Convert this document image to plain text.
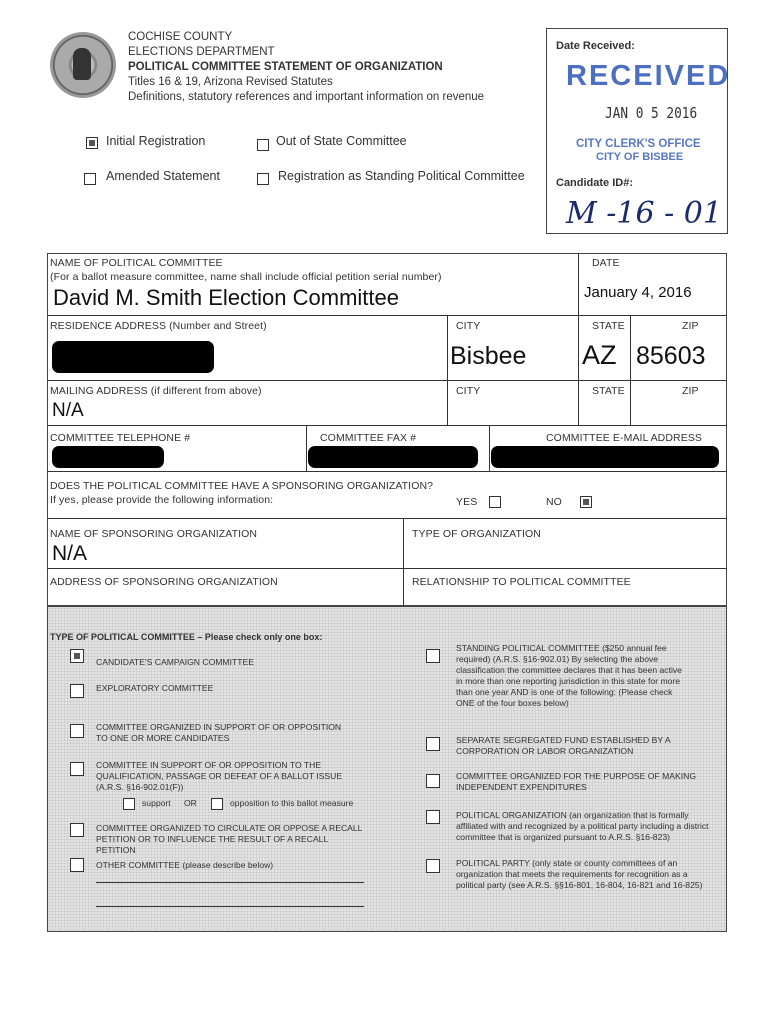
COCHISE COUNTY
ELECTIONS DEPARTMENT
POLITICAL COMMITTEE STATEMENT OF ORGANIZATION
Titles 16 & 19, Arizona Revised Statutes
Definitions, statutory references and important information on revenue
Initial Registration	Out of State Committee
Amended Statement	Registration as Standing Political Committee
Date Received:
RECEIVED
JAN 0 5 2016
CITY CLERK'S OFFICE
CITY OF BISBEE
Candidate ID#:
M -16 - 01
NAME OF POLITICAL COMMITTEE
(For a ballot measure committee, name shall include official petition serial number)
David M. Smith Election Committee
DATE
January 4, 2016
RESIDENCE ADDRESS (Number and Street)	CITY
Bisbee
STATE
AZ
ZIP
85603
MAILING ADDRESS (if different from above)
N/A
CITY	STATE	ZIP
COMMITTEE TELEPHONE #	COMMITTEE FAX #	COMMITTEE E-MAIL ADDRESS
DOES THE POLITICAL COMMITTEE HAVE A SPONSORING ORGANIZATION?
If yes, please provide the following information:	YES	NO
NAME OF SPONSORING ORGANIZATION
N/A
TYPE OF ORGANIZATION
ADDRESS OF SPONSORING ORGANIZATION	RELATIONSHIP TO POLITICAL COMMITTEE
TYPE OF POLITICAL COMMITTEE – Please check only one box:
CANDIDATE'S CAMPAIGN COMMITTEE
EXPLORATORY COMMITTEE
COMMITTEE ORGANIZED IN SUPPORT OF OR OPPOSITION TO ONE OR MORE CANDIDATES
COMMITTEE IN SUPPORT OF OR OPPOSITION TO THE QUALIFICATION, PASSAGE OR DEFEAT OF A BALLOT ISSUE (A.R.S. §16-902.01(F))
support OR	opposition to this ballot measure
COMMITTEE ORGANIZED TO CIRCULATE OR OPPOSE A RECALL PETITION OR TO INFLUENCE THE RESULT OF A RECALL PETITION
OTHER COMMITTEE (please describe below)
STANDING POLITICAL COMMITTEE ($250 annual fee required) (A.R.S. §16-902.01) By selecting the above classification the committee declares that it has been active in more than one reporting jurisdiction in this state for more than one year AND is one of the following: (Please check ONE of the four boxes below)
SEPARATE SEGREGATED FUND ESTABLISHED BY A CORPORATION OR LABOR ORGANIZATION
COMMITTEE ORGANIZED FOR THE PURPOSE OF MAKING INDEPENDENT EXPENDITURES
POLITICAL ORGANIZATION (an organization that is formally affiliated with and recognized by a political party including a district committee that is organized pursuant to A.R.S. §16-823)
POLITICAL PARTY (only state or county committees of an organization that meets the requirements for recognition as a political party (see A.R.S. §§16-801, 16-804, 16-821 and 16-825)
